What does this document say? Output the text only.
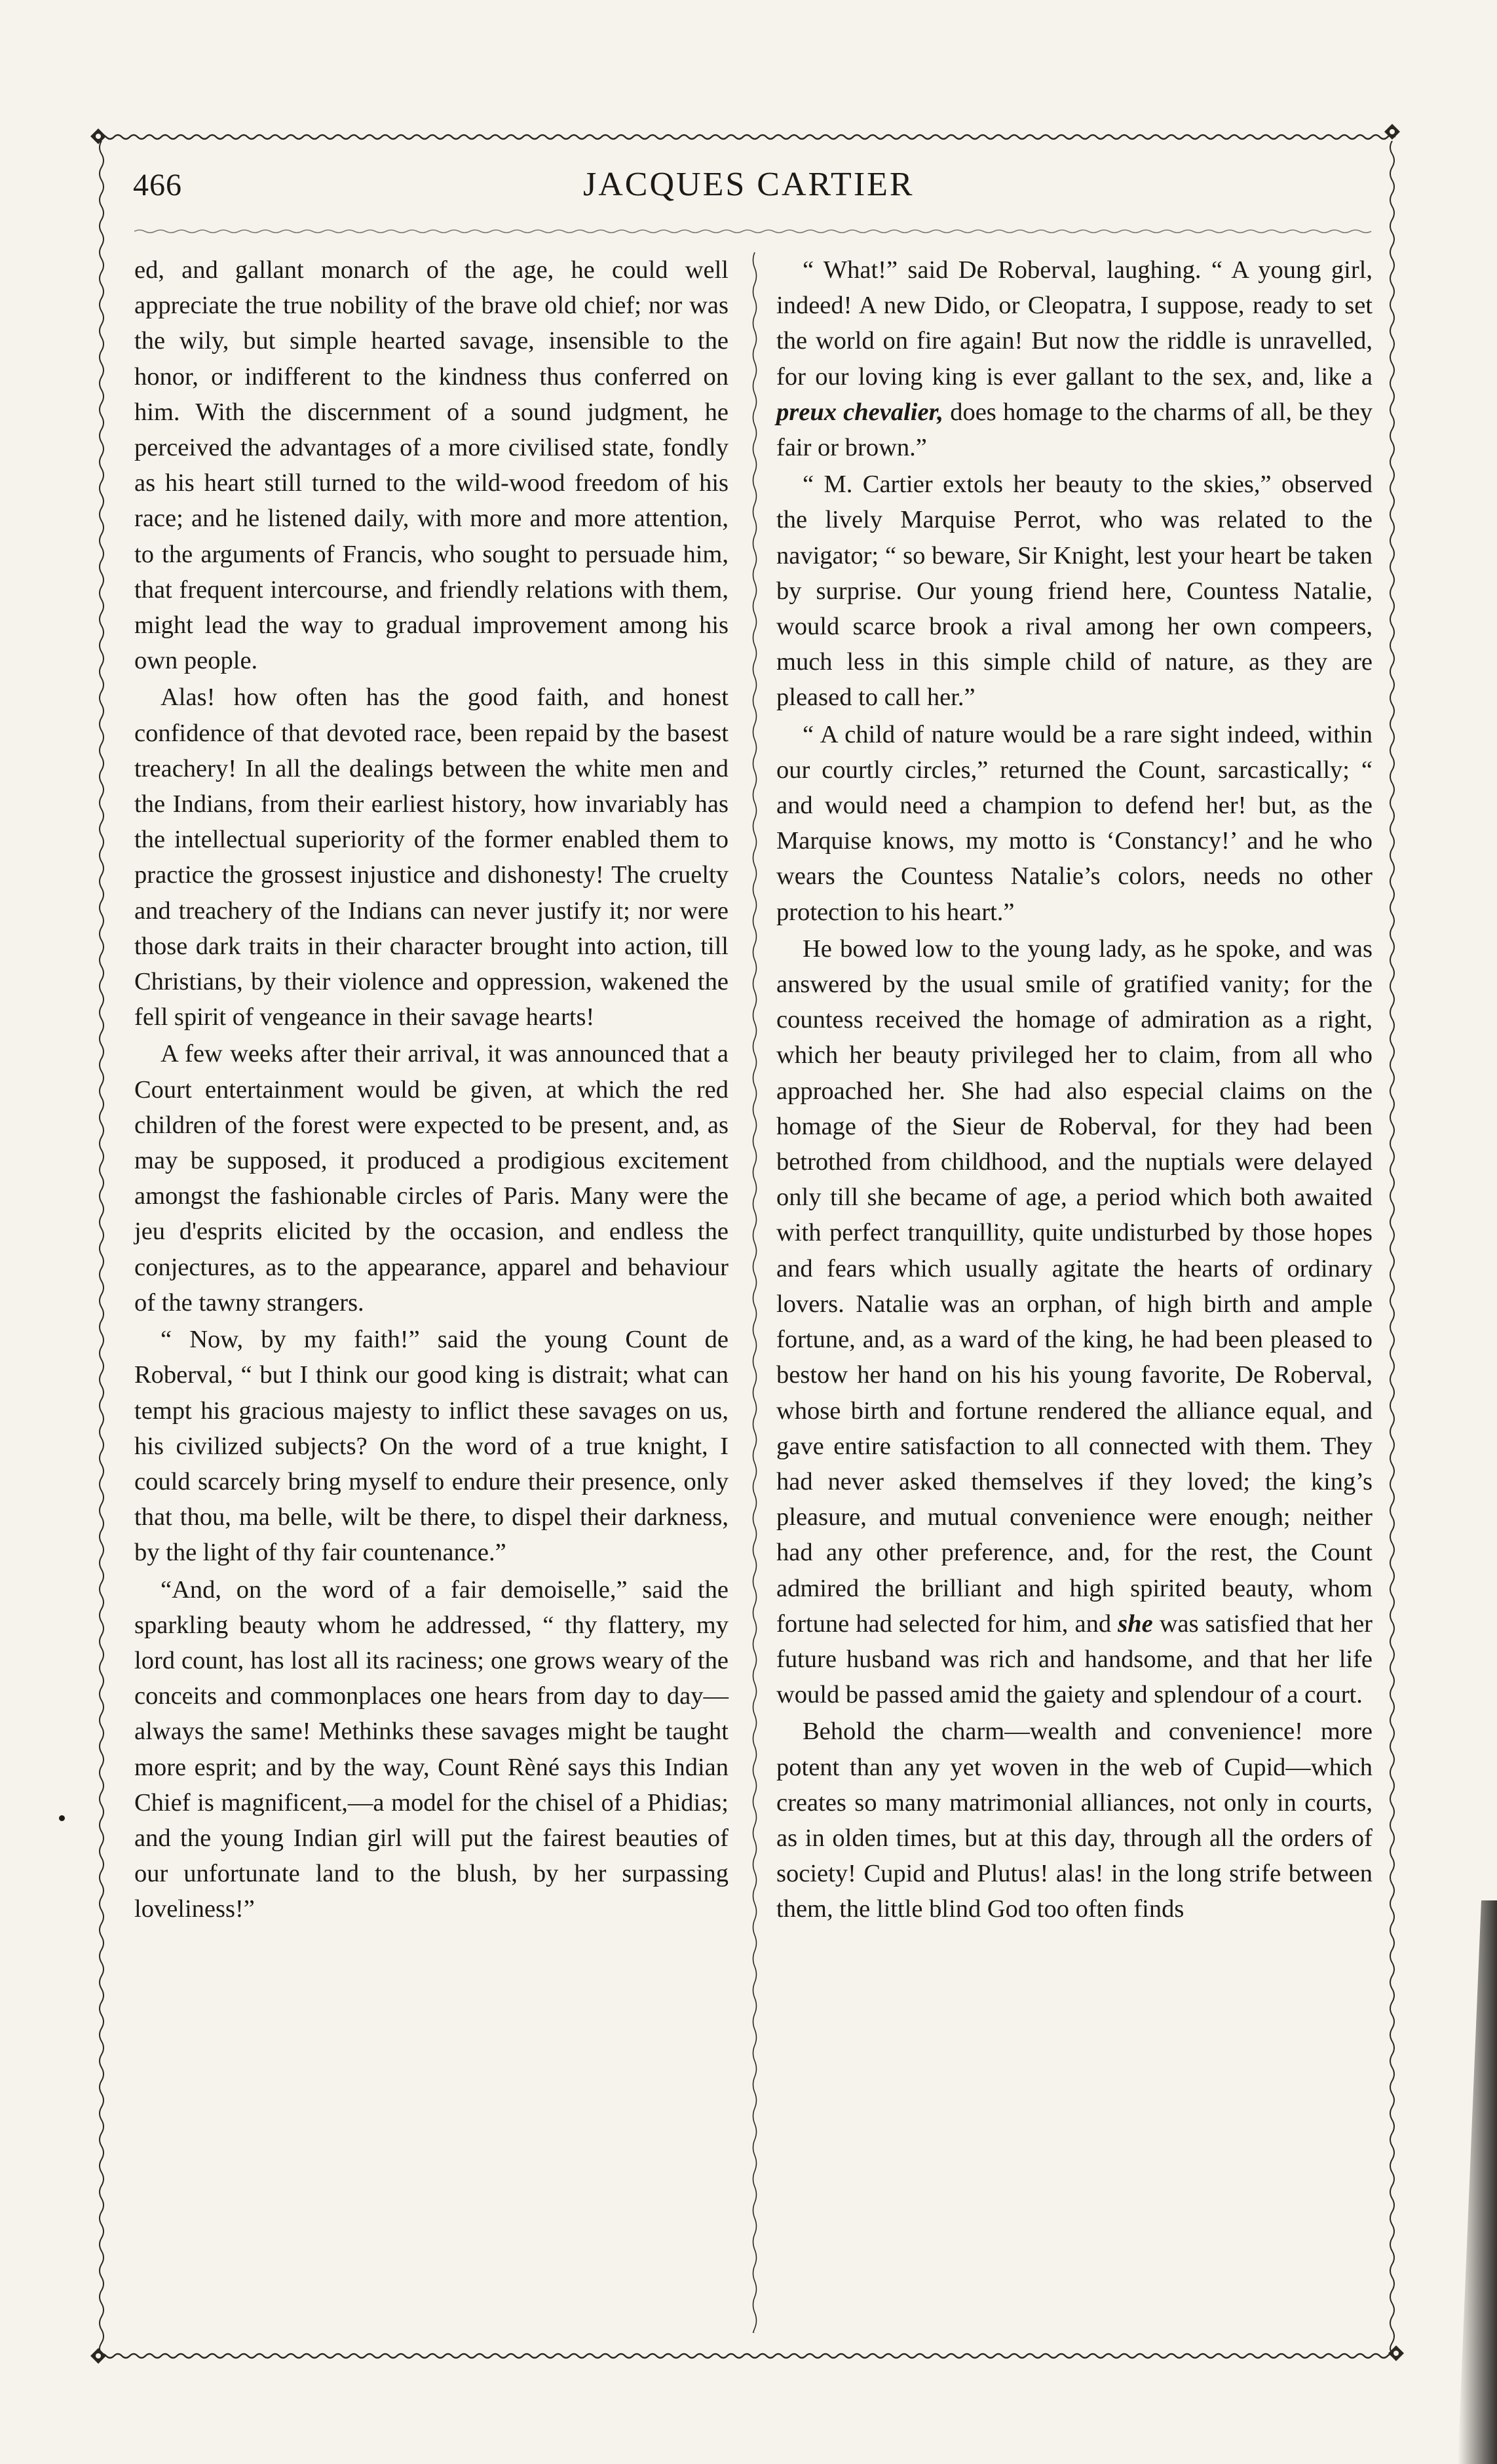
466	JACQUES CARTIER

ed, and gallant monarch of the age, he could well appreciate the true nobility of the brave old chief; nor was the wily, but simple hearted savage, insensible to the honor, or indifferent to the kindness thus conferred on him. With the discernment of a sound judgment, he perceived the advantages of a more civilised state, fondly as his heart still turned to the wild-wood freedom of his race; and he listened daily, with more and more attention, to the arguments of Francis, who sought to persuade him, that frequent intercourse, and friendly relations with them, might lead the way to gradual improvement among his own people.

Alas! how often has the good faith, and honest confidence of that devoted race, been repaid by the basest treachery! In all the dealings between the white men and the Indians, from their earliest history, how invariably has the intellectual superiority of the former enabled them to practice the grossest injustice and dishonesty! The cruelty and treachery of the Indians can never justify it; nor were those dark traits in their character brought into action, till Christians, by their violence and oppression, wakened the fell spirit of vengeance in their savage hearts!

A few weeks after their arrival, it was announced that a Court entertainment would be given, at which the red children of the forest were expected to be present, and, as may be supposed, it produced a prodigious excitement amongst the fashionable circles of Paris. Many were the jeu d'esprits elicited by the occasion, and endless the conjectures, as to the appearance, apparel and behaviour of the tawny strangers.

“ Now, by my faith!” said the young Count de Roberval, “ but I think our good king is distrait; what can tempt his gracious majesty to inflict these savages on us, his civilized subjects? On the word of a true knight, I could scarcely bring myself to endure their presence, only that thou, ma belle, wilt be there, to dispel their darkness, by the light of thy fair countenance.”

“And, on the word of a fair demoiselle,” said the sparkling beauty whom he addressed, “ thy flattery, my lord count, has lost all its raciness; one grows weary of the conceits and commonplaces one hears from day to day—always the same! Methinks these savages might be taught more esprit; and by the way, Count Rèné says this Indian Chief is magnificent,—a model for the chisel of a Phidias; and the young Indian girl will put the fairest beauties of our unfortunate land to the blush, by her surpassing loveliness!”

“ What!” said De Roberval, laughing. “ A young girl, indeed! A new Dido, or Cleopatra, I suppose, ready to set the world on fire again! But now the riddle is unravelled, for our loving king is ever gallant to the sex, and, like a preux chevalier, does homage to the charms of all, be they fair or brown.”

“ M. Cartier extols her beauty to the skies,” observed the lively Marquise Perrot, who was related to the navigator; “ so beware, Sir Knight, lest your heart be taken by surprise. Our young friend here, Countess Natalie, would scarce brook a rival among her own compeers, much less in this simple child of nature, as they are pleased to call her.”

“ A child of nature would be a rare sight indeed, within our courtly circles,” returned the Count, sarcastically; “ and would need a champion to defend her! but, as the Marquise knows, my motto is ‘Constancy!’ and he who wears the Countess Natalie’s colors, needs no other protection to his heart.”

He bowed low to the young lady, as he spoke, and was answered by the usual smile of gratified vanity; for the countess received the homage of admiration as a right, which her beauty privileged her to claim, from all who approached her. She had also especial claims on the homage of the Sieur de Roberval, for they had been betrothed from childhood, and the nuptials were delayed only till she became of age, a period which both awaited with perfect tranquillity, quite undisturbed by those hopes and fears which usually agitate the hearts of ordinary lovers. Natalie was an orphan, of high birth and ample fortune, and, as a ward of the king, he had been pleased to bestow her hand on his his young favorite, De Roberval, whose birth and fortune rendered the alliance equal, and gave entire satisfaction to all connected with them. They had never asked themselves if they loved; the king’s pleasure, and mutual convenience were enough; neither had any other preference, and, for the rest, the Count admired the brilliant and high spirited beauty, whom fortune had selected for him, and she was satisfied that her future husband was rich and handsome, and that her life would be passed amid the gaiety and splendour of a court.

Behold the charm—wealth and convenience! more potent than any yet woven in the web of Cupid—which creates so many matrimonial alliances, not only in courts, as in olden times, but at this day, through all the orders of society! Cupid and Plutus! alas! in the long strife between them, the little blind God too often finds
